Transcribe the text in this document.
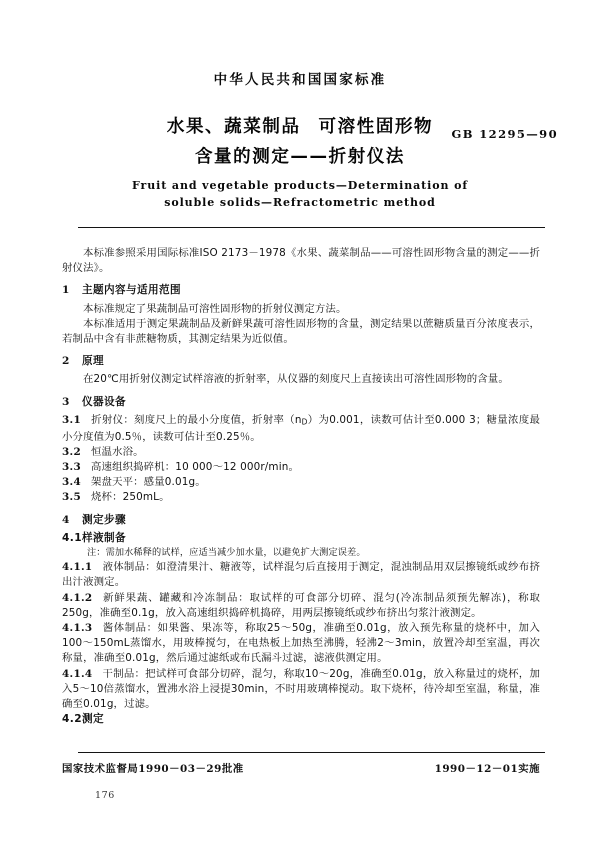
中华人民共和国国家标准
水果、蔬菜制品 可溶性固形物
含量的测定——折射仪法
GB 12295—90
Fruit and vegetable products—Determination of
soluble solids—Refractometric method

本标准参照采用国际标准ISO 2173－1978《水果、蔬菜制品——可溶性固形物含量的测定——折射仪法》。

1 主题内容与适用范围

本标准规定了果蔬制品可溶性固形物的折射仪测定方法。

本标准适用于测定果蔬制品及新鲜果蔬可溶性固形物的含量，测定结果以蔗糖质量百分浓度表示，若制品中含有非蔗糖物质，其测定结果为近似值。

2 原理

在20℃用折射仪测定试样溶液的折射率，从仪器的刻度尺上直接读出可溶性固形物的含量。

3 仪器设备

3.1 折射仪：刻度尺上的最小分度值，折射率$(n_D)$为0.001，读数可估计至0.000 3；糖量浓度最小分度值为0.5％，读数可估计至0.25％。

3.2 恒温水浴。

3.3 高速组织捣碎机：10 000～12 000r/min。

3.4 架盘天平：感量0.01g。

3.5 烧杯：250mL。

4 测定步骤

4.1样液制备

注：需加水稀释的试样，应适当减少加水量，以避免扩大测定误差。

4.1.1 液体制品：如澄清果汁、糖液等，试样混匀后直接用于测定，混浊制品用双层擦镜纸或纱布挤出汁液测定。

4.1.2 新鲜果蔬、罐藏和冷冻制品：取试样的可食部分切碎、混匀(冷冻制品须预先解冻)，称取250g，准确至0.1g，放入高速组织捣碎机捣碎，用两层擦镜纸或纱布挤出匀浆汁液测定。

4.1.3 酱体制品：如果酱、果冻等，称取25～50g，准确至0.01g，放入预先称量的烧杯中，加入100～150mL蒸馏水，用玻棒搅匀，在电热板上加热至沸腾，轻沸2～3min，放置冷却至室温，再次称量，准确至0.01g，然后通过滤纸或布氏漏斗过滤，滤液供测定用。

4.1.4 干制品：把试样可食部分切碎，混匀，称取10～20g，准确至0.01g，放入称量过的烧杯，加入5～10倍蒸馏水，置沸水浴上浸提30min，不时用玻璃棒搅动。取下烧杯，待冷却至室温，称量，准确至0.01g，过滤。

4.2测定

国家技术监督局1990－03－29批准	1990－12－01实施
176
